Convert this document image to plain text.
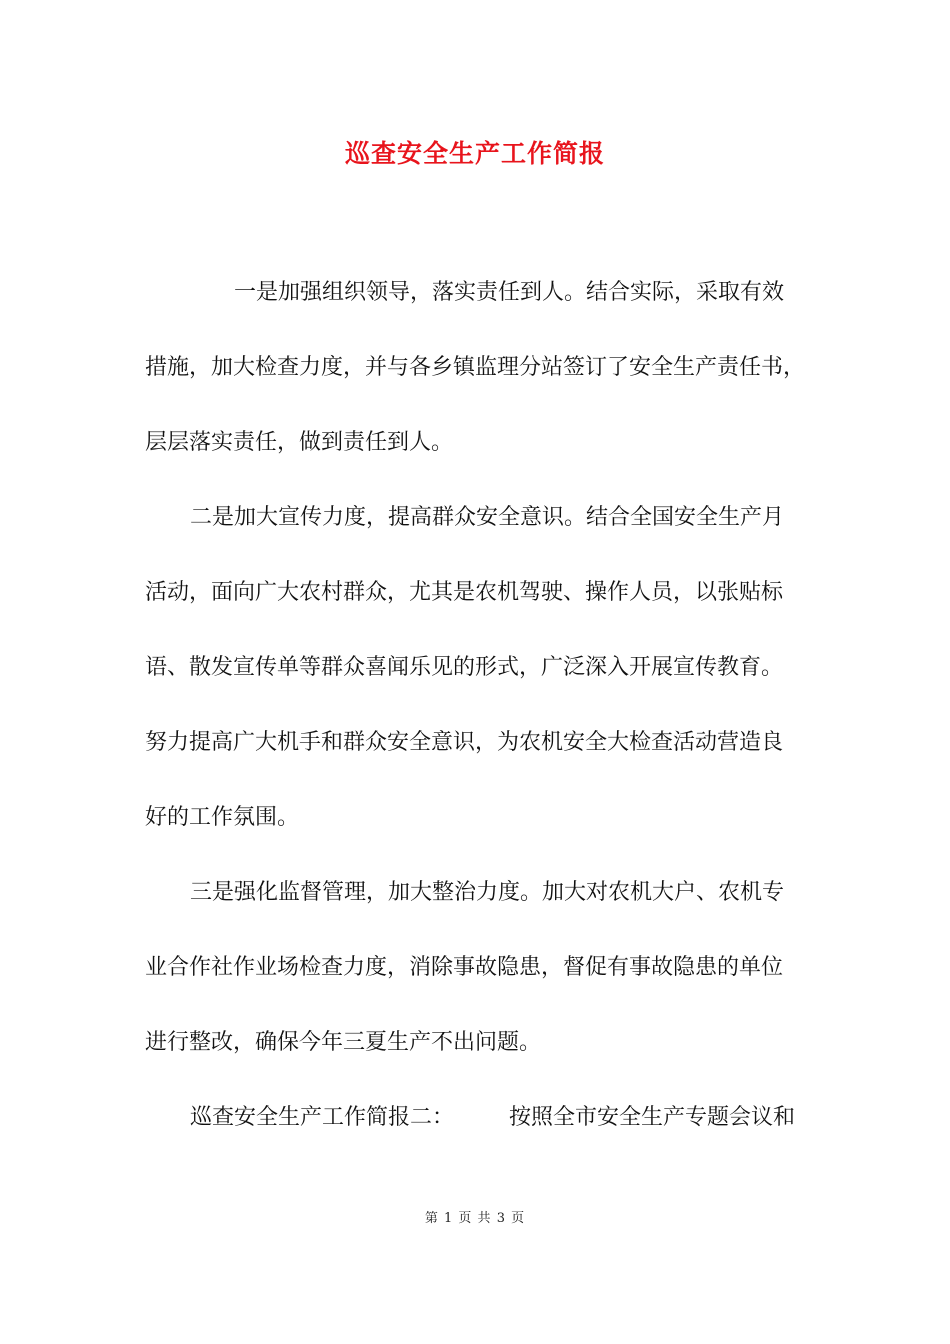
巡查安全生产工作简报
一是加强组织领导，落实责任到人。结合实际，采取有效
措施，加大检查力度，并与各乡镇监理分站签订了安全生产责任书，
层层落实责任，做到责任到人。
二是加大宣传力度，提高群众安全意识。结合全国安全生产月
活动，面向广大农村群众，尤其是农机驾驶、操作人员，以张贴标
语、散发宣传单等群众喜闻乐见的形式，广泛深入开展宣传教育。
努力提高广大机手和群众安全意识，为农机安全大检查活动营造良
好的工作氛围。
三是强化监督管理，加大整治力度。加大对农机大户、农机专
业合作社作业场检查力度，消除事故隐患，督促有事故隐患的单位
进行整改，确保今年三夏生产不出问题。
巡查安全生产工作简报二：　　　按照全市安全生产专题会议和
第 1 页 共 3 页
